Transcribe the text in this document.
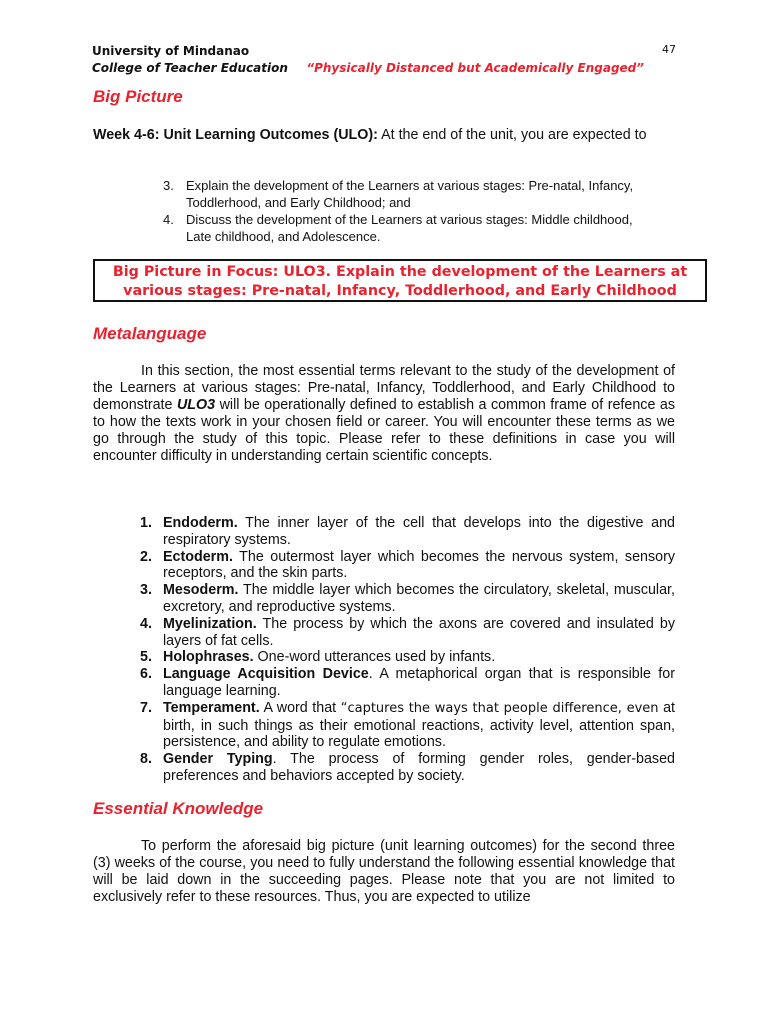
University of Mindanao
College of Teacher Education
47
“Physically Distanced but Academically Engaged”
Big Picture

Week 4-6: Unit Learning Outcomes (ULO): At the end of the unit, you are expected to

3. Explain the development of the Learners at various stages: Pre-natal, Infancy,
Toddlerhood, and Early Childhood; and
4. Discuss the development of the Learners at various stages: Middle childhood,
Late childhood, and Adolescence.
Big Picture in Focus: ULO3. Explain the development of the Learners at
various stages: Pre-natal, Infancy, Toddlerhood, and Early Childhood
Metalanguage

In this section, the most essential terms relevant to the study of the development of the Learners at various stages: Pre-natal, Infancy, Toddlerhood, and Early Childhood to demonstrate ULO3 will be operationally defined to establish a common frame of refence as to how the texts work in your chosen field or career. You will encounter these terms as we go through the study of this topic. Please refer to these definitions in case you will encounter difficulty in understanding certain scientific concepts.

1. Endoderm. The inner layer of the cell that develops into the digestive and respiratory systems.
2. Ectoderm. The outermost layer which becomes the nervous system, sensory receptors, and the skin parts.
3. Mesoderm. The middle layer which becomes the circulatory, skeletal, muscular, excretory, and reproductive systems.
4. Myelinization. The process by which the axons are covered and insulated by layers of fat cells.
5. Holophrases. One-word utterances used by infants.
6. Language Acquisition Device. A metaphorical organ that is responsible for language learning.
7. Temperament. A word that “captures the ways that people difference, even at birth, in such things as their emotional reactions, activity level, attention span, persistence, and ability to regulate emotions.
8. Gender Typing. The process of forming gender roles, gender-based preferences and behaviors accepted by society.
Essential Knowledge

To perform the aforesaid big picture (unit learning outcomes) for the second three (3) weeks of the course, you need to fully understand the following essential knowledge that will be laid down in the succeeding pages. Please note that you are not limited to exclusively refer to these resources. Thus, you are expected to utilize
